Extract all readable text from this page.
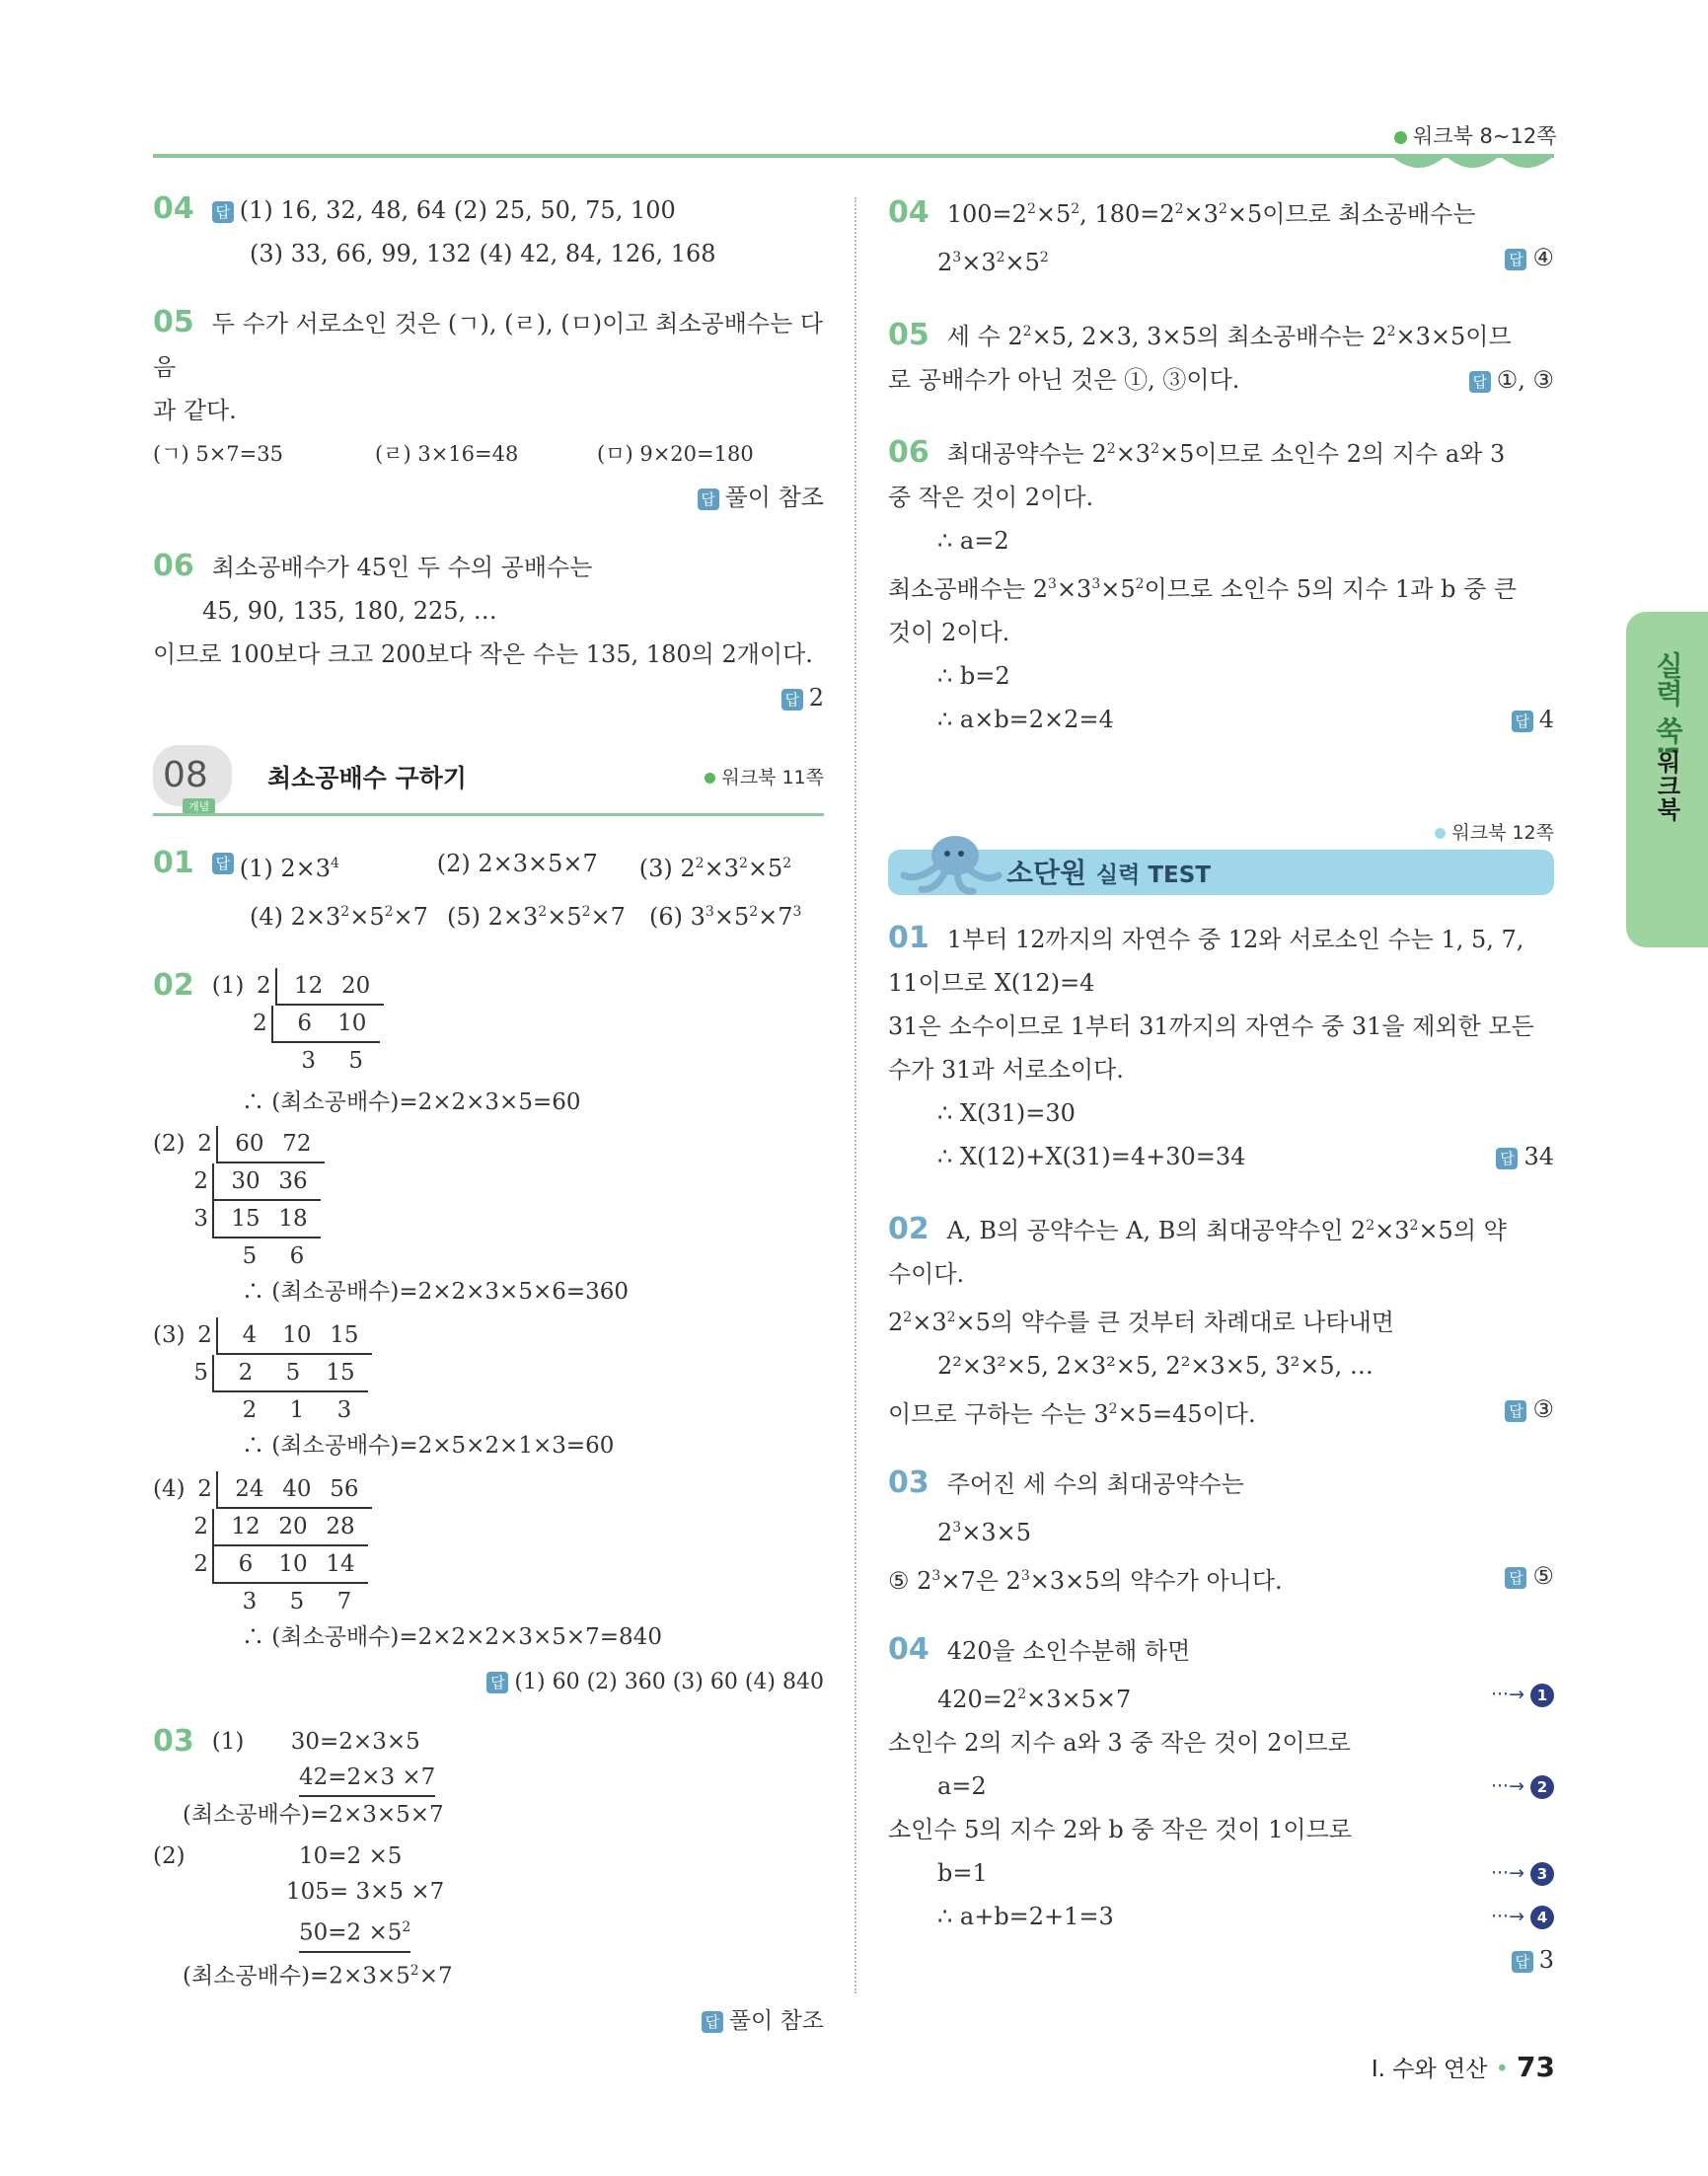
워크북 8~12쪽
04 답 (1) 16, 32, 48, 64 (2) 25, 50, 75, 100
(3) 33, 66, 99, 132 (4) 42, 84, 126, 168
05 두 수가 서로소인 것은 (ㄱ), (ㄹ), (ㅁ)이고 최소공배수는 다음
과 같다.
(ㄱ) 5×7=35	(ㄹ) 3×16=48	(ㅁ) 9×20=180
답 풀이 참조
06 최소공배수가 45인 두 수의 공배수는
45, 90, 135, 180, 225, …
이므로 100보다 크고 200보다 작은 수는 135, 180의 2개이다.
답 2
08
개념
최소공배수 구하기	워크북 11쪽
01 답 (1) $2\times 3^4$	(2) 2×3×5×7	(3) $2^2\times 3^2\times 5^2$
(4) $2\times 3^2\times 5^2\times 7$ (5) $2\times 3^2\times 5^2\times 7$	(6) $3^3\times 5^2\times 7^3$
02 (1) 2 12 20
2 6 10
3 5
∴ (최소공배수)=2×2×3×5=60
(2) 2 60 72
2 30 36
3 15 18
5 6
∴ (최소공배수)=2×2×3×5×6=360
(3) 2 4 10 15
5 2 5 15
2 1 3
∴ (최소공배수)=2×5×2×1×3=60
(4) 2 24 40 56
2 12 20 28
2 6 10 14
3 5 7
∴ (최소공배수)=2×2×2×3×5×7=840
답 (1) 60 (2) 360 (3) 60 (4) 840
03 (1)	30=2×3×5
42=2×3 ×7
(최소공배수)=2×3×5×7
(2)	10=2 ×5
105= 3×5 ×7
$50=2 \times 5^2$
(최소공배수)$=2\times 3\times 5^2\times 7$
답 풀이 참조
04 $100=2^2\times 5^2$, $180=2^2\times 3^2\times 5$이므로 최소공배수는
$2^3\times 3^2\times 5^2$	답 ④
05 세 수 $2^2\times 5$, 2×3, 3×5의 최소공배수는 $2^2\times 3\times 5$이므
로 공배수가 아닌 것은 ①, ③이다.	답 ①, ③
06 최대공약수는 $2^2\times 3^2\times 5$이므로 소인수 2의 지수 a와 3
중 작은 것이 2이다.
∴ a=2
최소공배수는 $2^3\times 3^3\times 5^2$이므로 소인수 5의 지수 1과 b 중 큰
것이 2이다.
∴ b=2
∴ a×b=2×2=4	답 4
워크북 12쪽
소단원 실력 TEST
01 1부터 12까지의 자연수 중 12와 서로소인 수는 1, 5, 7,
11이므로 X(12)=4
31은 소수이므로 1부터 31까지의 자연수 중 31을 제외한 모든
수가 31과 서로소이다.
∴ X(31)=30
∴ X(12)+X(31)=4+30=34	답 34
02 A, B의 공약수는 A, B의 최대공약수인 $2^2\times 3^2\times 5$의 약
수이다.
$2^2\times 3^2\times 5$의 약수를 큰 것부터 차례대로 나타내면
2²×3²×5, 2×3²×5, 2²×3×5, 3²×5, …
이므로 구하는 수는 $3^2\times 5=45$이다.	답 ③
03 주어진 세 수의 최대공약수는
$2^3\times 3\times 5$
⑤ $2^3\times 7$은 $2^3\times 3\times 5$의 약수가 아니다.	답 ⑤
04 420을 소인수분해 하면
$420=2^2\times 3\times 5\times 7$	···→ 1
소인수 2의 지수 a와 3 중 작은 것이 2이므로
a=2	···→ 2
소인수 5의 지수 2와 b 중 작은 것이 1이므로
b=1	···→ 3
∴ a+b=2+1=3	···→ 4
답 3
실력 쑥!
워크북
I. 수와 연산 • 73
